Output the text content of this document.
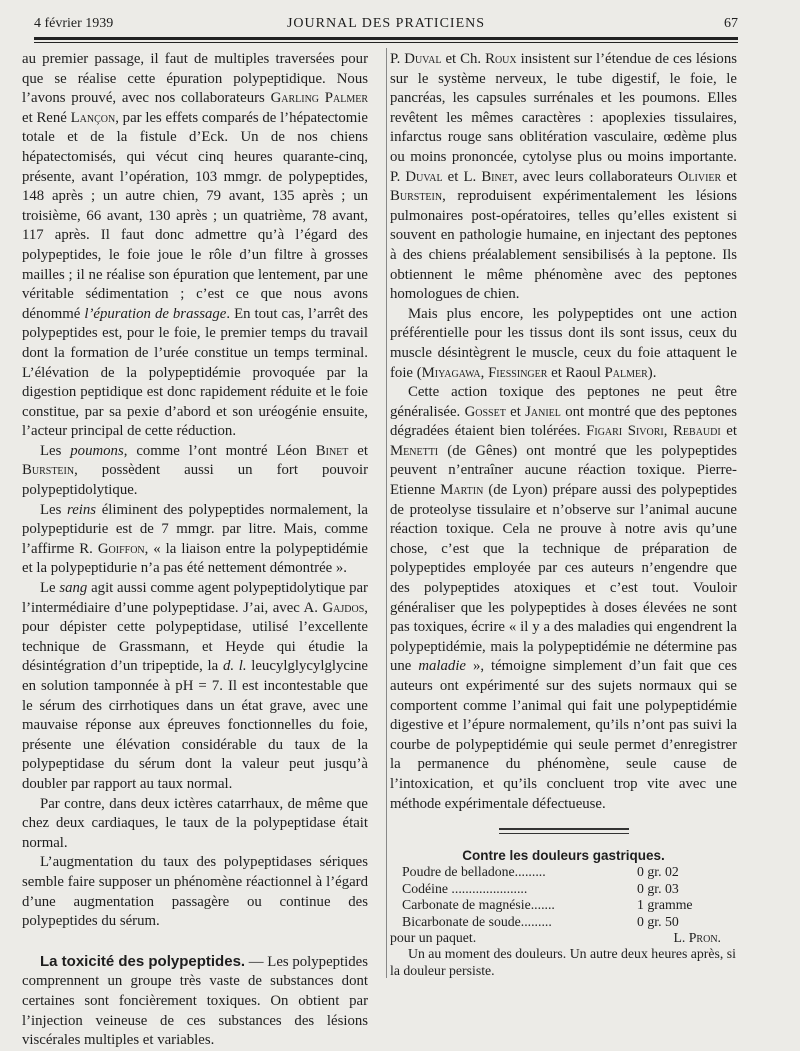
4 février 1939	JOURNAL DES PRATICIENS	67

au premier passage, il faut de multiples traversées pour que se réalise cette épuration polypeptidique. Nous l’avons prouvé, avec nos collaborateurs Garling Palmer et René Lançon, par les effets comparés de l’hépatectomie totale et de la fistule d’Eck. Un de nos chiens hépatectomisés, qui vécut cinq heures quarante-cinq, présente, avant l’opération, 103 mmgr. de polypeptides, 148 après ; un autre chien, 79 avant, 135 après ; un troisième, 66 avant, 130 après ; un quatrième, 78 avant, 117 après. Il faut donc admettre qu’à l’égard des polypeptides, le foie joue le rôle d’un filtre à grosses mailles ; il ne réalise son épuration que lentement, par une véritable sédimentation ; c’est ce que nous avons dénommé l’épuration de brassage. En tout cas, l’arrêt des polypeptides est, pour le foie, le premier temps du travail dont la formation de l’urée constitue un temps terminal. L’élévation de la polypeptidémie provoquée par la digestion peptidique est donc rapidement réduite et le foie constitue, par sa pexie d’abord et son uréogénie ensuite, l’acteur principal de cette réduction.

Les poumons, comme l’ont montré Léon Binet et Burstein, possèdent aussi un fort pouvoir polypeptidolytique.

Les reins éliminent des polypeptides normalement, la polypeptidurie est de 7 mmgr. par litre. Mais, comme l’affirme R. Goiffon, « la liaison entre la polypeptidémie et la polypeptidurie n’a pas été nettement démontrée ».

Le sang agit aussi comme agent polypeptidolytique par l’intermédiaire d’une polypeptidase. J’ai, avec A. Gajdos, pour dépister cette polypeptidase, utilisé l’excellente technique de Grassmann, et Heyde qui étudie la désintégration d’un tripeptide, la d. l. leucylglycylglycine en solution tamponnée à pH = 7. Il est incontestable que le sérum des cirrhotiques dans un état grave, avec une mauvaise réponse aux épreuves fonctionnelles du foie, présente une élévation considérable du taux de la polypeptidase du sérum dont la valeur peut jusqu’à doubler par rapport au taux normal.

Par contre, dans deux ictères catarrhaux, de même que chez deux cardiaques, le taux de la polypeptidase était normal.

L’augmentation du taux des polypeptidases sériques semble faire supposer un phénomène réactionnel à l’égard d’une augmentation passagère ou continue des polypeptides du sérum.

La toxicité des polypeptides. — Les polypeptides comprennent un groupe très vaste de substances dont certaines sont foncièrement toxiques. On obtient par l’injection veineuse de ces substances des lésions viscérales multiples et variables.

P. Duval et Ch. Roux insistent sur l’étendue de ces lésions sur le système nerveux, le tube digestif, le foie, le pancréas, les capsules surrénales et les poumons. Elles revêtent les mêmes caractères : apoplexies tissulaires, infarctus rouge sans oblitération vasculaire, œdème plus ou moins prononcée, cytolyse plus ou moins importante. P. Duval et L. Binet, avec leurs collaborateurs Olivier et Burstein, reproduisent expérimentalement les lésions pulmonaires post-opératoires, telles qu’elles existent si souvent en pathologie humaine, en injectant des peptones à des chiens préalablement sensibilisés à la peptone. Ils obtiennent le même phénomène avec des peptones homologues de chien.

Mais plus encore, les polypeptides ont une action préférentielle pour les tissus dont ils sont issus, ceux du muscle désintègrent le muscle, ceux du foie attaquent le foie (Miyagawa, Fiessinger et Raoul Palmer).

Cette action toxique des peptones ne peut être généralisée. Gosset et Janiel ont montré que des peptones dégradées étaient bien tolérées. Figari Sivori, Rebaudi et Menetti (de Gênes) ont montré que les polypeptides peuvent n’entraîner aucune réaction toxique. Pierre-Etienne Martin (de Lyon) prépare aussi des polypeptides de proteolyse tissulaire et n’observe sur l’animal aucune réaction toxique. Cela ne prouve à notre avis qu’une chose, c’est que la technique de préparation de polypeptides employée par ces auteurs n’engendre que des polypeptides atoxiques et c’est tout. Vouloir généraliser que les polypeptides à doses élevées ne sont pas toxiques, écrire « il y a des maladies qui engendrent la polypeptidémie, mais la polypeptidémie ne détermine pas une maladie », témoigne simplement d’un fait que ces auteurs ont expérimenté sur des sujets normaux qui se comportent comme l’animal qui fait une polypeptidémie digestive et l’épure normalement, qu’ils n’ont pas suivi la courbe de polypeptidémie qui seule permet d’enregistrer la permanence du phénomène, seule cause de l’intoxication, et qu’ils concluent trop vite avec une méthode expérimentale défectueuse.

Contre les douleurs gastriques.
Poudre de belladone.........	0 gr. 02
Codéine ......................	0 gr. 03
Carbonate de magnésie.......	1 gramme
Bicarbonate de soude.........	0 gr. 50
pour un paquet.	L. Pron.

Un au moment des douleurs. Un autre deux heures après, si la douleur persiste.
